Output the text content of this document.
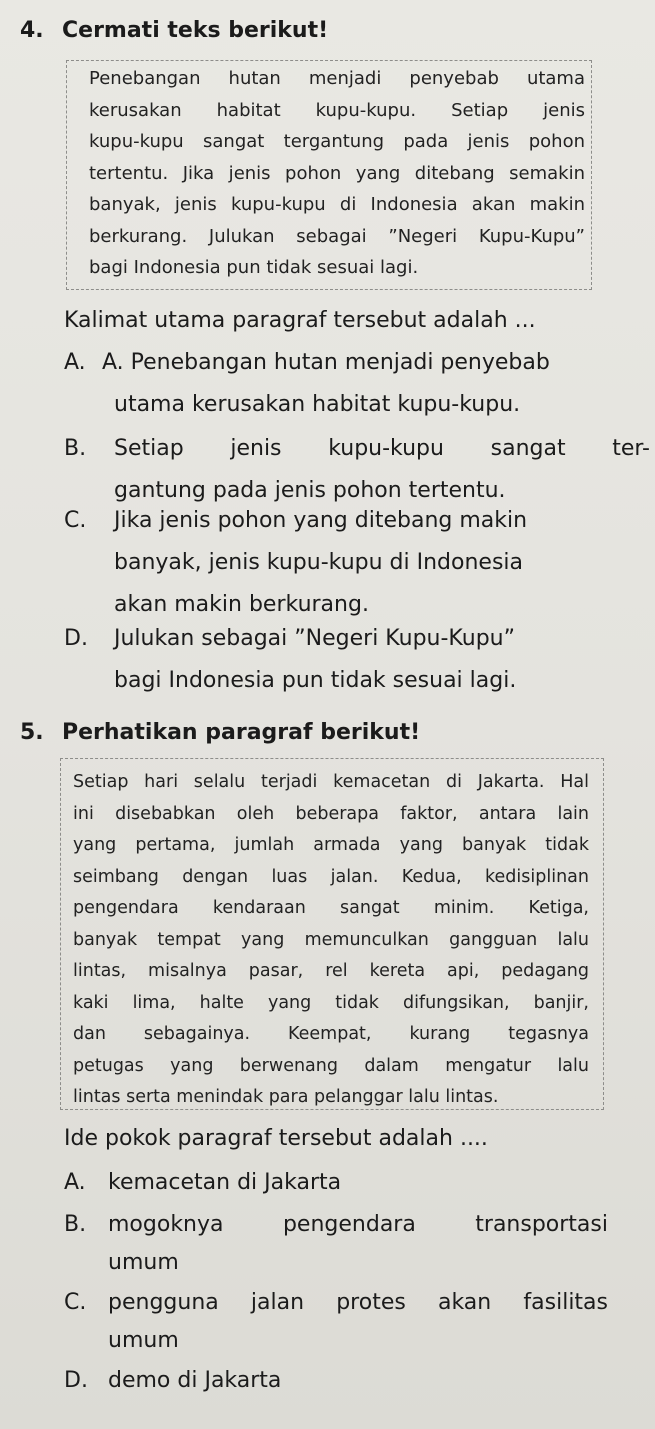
4. Cermati teks berikut!
Penebangan hutan menjadi penyebab utama
kerusakan habitat kupu-kupu. Setiap jenis
kupu-kupu sangat tergantung pada jenis pohon
tertentu. Jika jenis pohon yang ditebang semakin
banyak, jenis kupu-kupu di Indonesia akan makin
berkurang. Julukan sebagai ”Negeri Kupu-Kupu”
bagi Indonesia pun tidak sesuai lagi.
Kalimat utama paragraf tersebut adalah ...
A. A. Penebangan hutan menjadi penyebab
utama kerusakan habitat kupu-kupu.
B. Setiap jenis kupu-kupu sangat ter-
gantung pada jenis pohon tertentu.
C. Jika jenis pohon yang ditebang makin
banyak, jenis kupu-kupu di Indonesia
akan makin berkurang.
D. Julukan sebagai ”Negeri Kupu-Kupu”
bagi Indonesia pun tidak sesuai lagi.
5. Perhatikan paragraf berikut!
Setiap hari selalu terjadi kemacetan di Jakarta. Hal
ini disebabkan oleh beberapa faktor, antara lain
yang pertama, jumlah armada yang banyak tidak
seimbang dengan luas jalan. Kedua, kedisiplinan
pengendara kendaraan sangat minim. Ketiga,
banyak tempat yang memunculkan gangguan lalu
lintas, misalnya pasar, rel kereta api, pedagang
kaki lima, halte yang tidak difungsikan, banjir,
dan sebagainya. Keempat, kurang tegasnya
petugas yang berwenang dalam mengatur lalu
lintas serta menindak para pelanggar lalu lintas.
Ide pokok paragraf tersebut adalah ....
A. kemacetan di Jakarta
B. mogoknya pengendara transportasi
umum
C. pengguna jalan protes akan fasilitas
umum
D. demo di Jakarta
